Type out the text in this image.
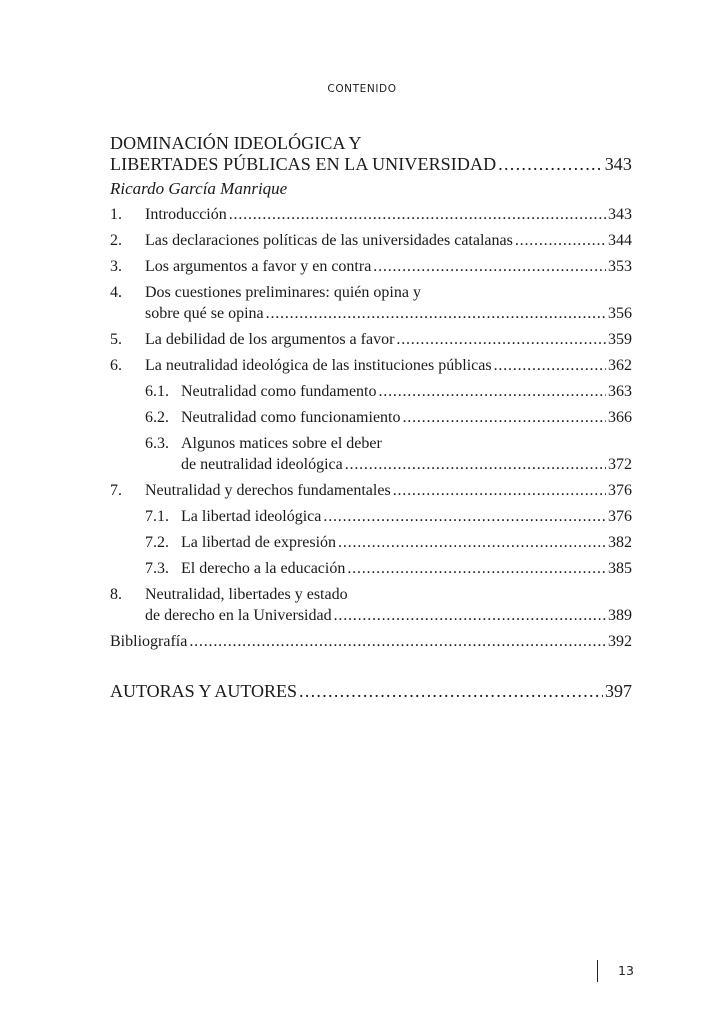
CONTENIDO
DOMINACIÓN IDEOLÓGICA Y
LIBERTADES PÚBLICAS EN LA UNIVERSIDAD . . .	343
Ricardo García Manrique
1.	Introducción . . .	343
2.	Las declaraciones políticas de las universidades catalanas . . .	344
3.	Los argumentos a favor y en contra . . .	353
4.	Dos cuestiones preliminares: quién opina y
sobre qué se opina . . .	356
5.	La debilidad de los argumentos a favor . . .	359
6.	La neutralidad ideológica de las instituciones públicas . . .	362
6.1. Neutralidad como fundamento . . .	363
6.2. Neutralidad como funcionamiento . . .	366
6.3. Algunos matices sobre el deber
de neutralidad ideológica . . .	372
7.	Neutralidad y derechos fundamentales . . .	376
7.1. La libertad ideológica . . .	376
7.2. La libertad de expresión . . .	382
7.3. El derecho a la educación . . .	385
8.	Neutralidad, libertades y estado
de derecho en la Universidad . . .	389
Bibliografía . . .	392
AUTORAS Y AUTORES . . .	397
13
